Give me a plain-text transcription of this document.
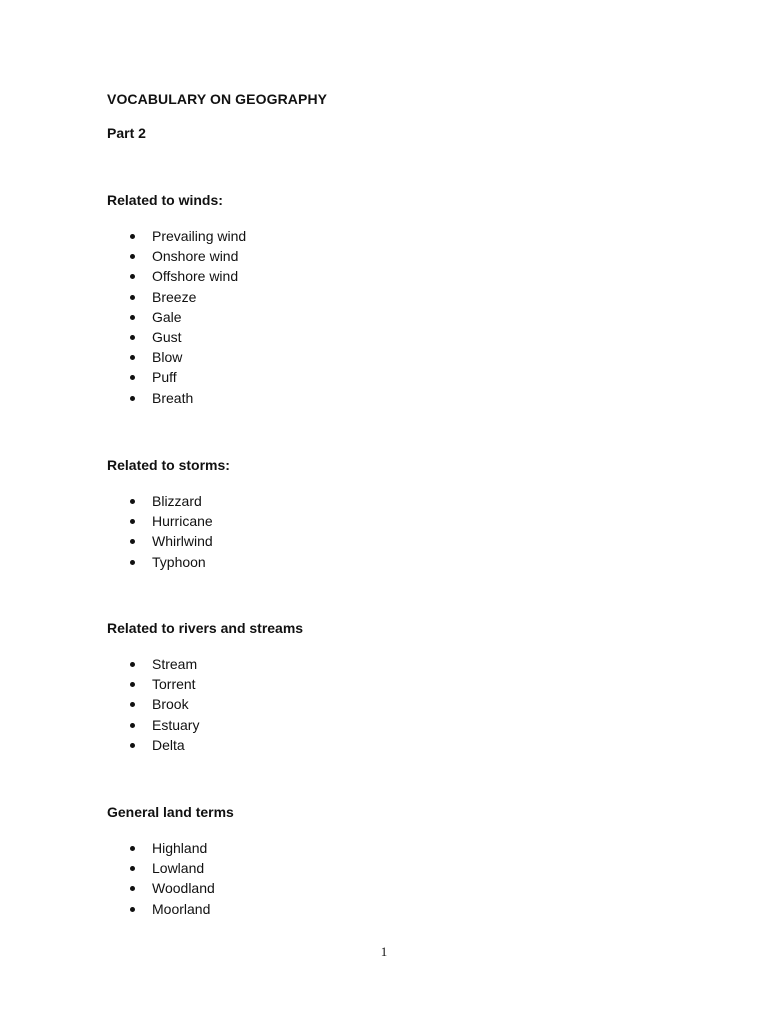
VOCABULARY ON GEOGRAPHY
Part 2
Related to winds:
Prevailing wind
Onshore wind
Offshore wind
Breeze
Gale
Gust
Blow
Puff
Breath
Related to storms:
Blizzard
Hurricane
Whirlwind
Typhoon
Related to rivers and streams
Stream
Torrent
Brook
Estuary
Delta
General land terms
Highland
Lowland
Woodland
Moorland
1
